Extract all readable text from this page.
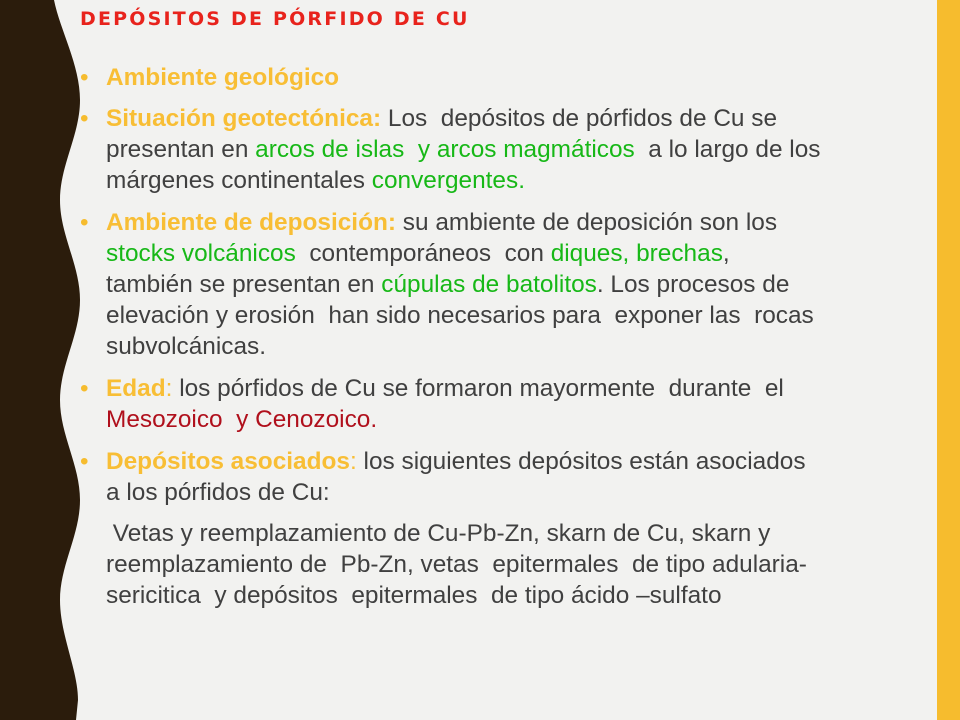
DEPÓSITOS DE PÓRFIDO DE CU
• Ambiente geológico
• Situación geotectónica: Los  depósitos de pórfidos de Cu se
presentan en arcos de islas  y arcos magmáticos  a lo largo de los
márgenes continentales convergentes.
• Ambiente de deposición: su ambiente de deposición son los
stocks volcánicos  contemporáneos  con diques, brechas,
también se presentan en cúpulas de batolitos. Los procesos de
elevación y erosión  han sido necesarios para  exponer las  rocas
subvolcánicas.
• Edad: los pórfidos de Cu se formaron mayormente  durante  el
Mesozoico  y Cenozoico.
• Depósitos asociados: los siguientes depósitos están asociados
a los pórfidos de Cu:
Vetas y reemplazamiento de Cu-Pb-Zn, skarn de Cu, skarn y
reemplazamiento de  Pb-Zn, vetas  epitermales  de tipo adularia-
sericitica  y depósitos  epitermales  de tipo ácido –sulfato
